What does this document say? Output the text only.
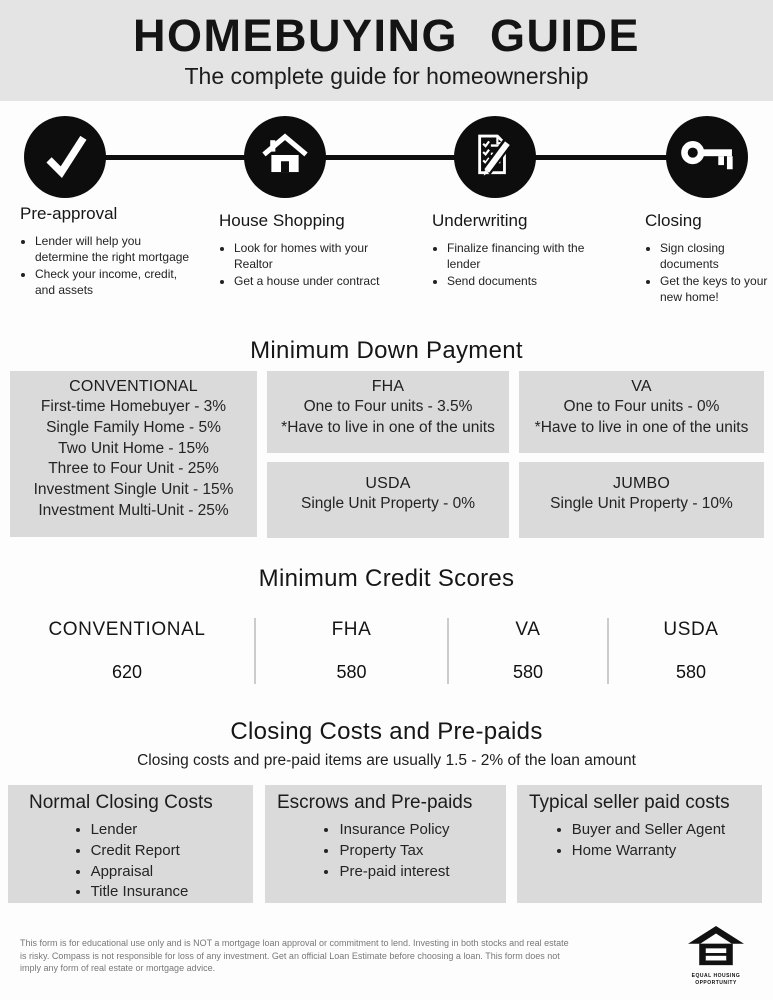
HOMEBUYING GUIDE
The complete guide for homeownership
Pre-approval
• Lender will help you determine the right mortgage
• Check your income, credit, and assets
House Shopping
• Look for homes with your Realtor
• Get a house under contract
Underwriting
• Finalize financing with the lender
• Send documents
Closing
• Sign closing documents
• Get the keys to your new home!
Minimum Down Payment
CONVENTIONAL
First-time Homebuyer - 3%
Single Family Home - 5%
Two Unit Home - 15%
Three to Four Unit - 25%
Investment Single Unit - 15%
Investment Multi-Unit - 25%
FHA
One to Four units - 3.5%
*Have to live in one of the units
VA
One to Four units - 0%
*Have to live in one of the units
USDA
Single Unit Property - 0%
JUMBO
Single Unit Property - 10%
Minimum Credit Scores
CONVENTIONAL
620
FHA
580
VA
580
USDA
580
Closing Costs and Pre-paids
Closing costs and pre-paid items are usually 1.5 - 2% of the loan amount
Normal Closing Costs
• Lender
• Credit Report
• Appraisal
• Title Insurance
Escrows and Pre-paids
• Insurance Policy
• Property Tax
• Pre-paid interest
Typical seller paid costs
• Buyer and Seller Agent
• Home Warranty
This form is for educational use only and is NOT a mortgage loan approval or commitment to lend. Investing in both stocks and real estate is risky. Compass is not responsible for loss of any investment. Get an official Loan Estimate before choosing a loan. This form does not imply any form of real estate or mortgage advice.
EQUAL HOUSING
OPPORTUNITY
